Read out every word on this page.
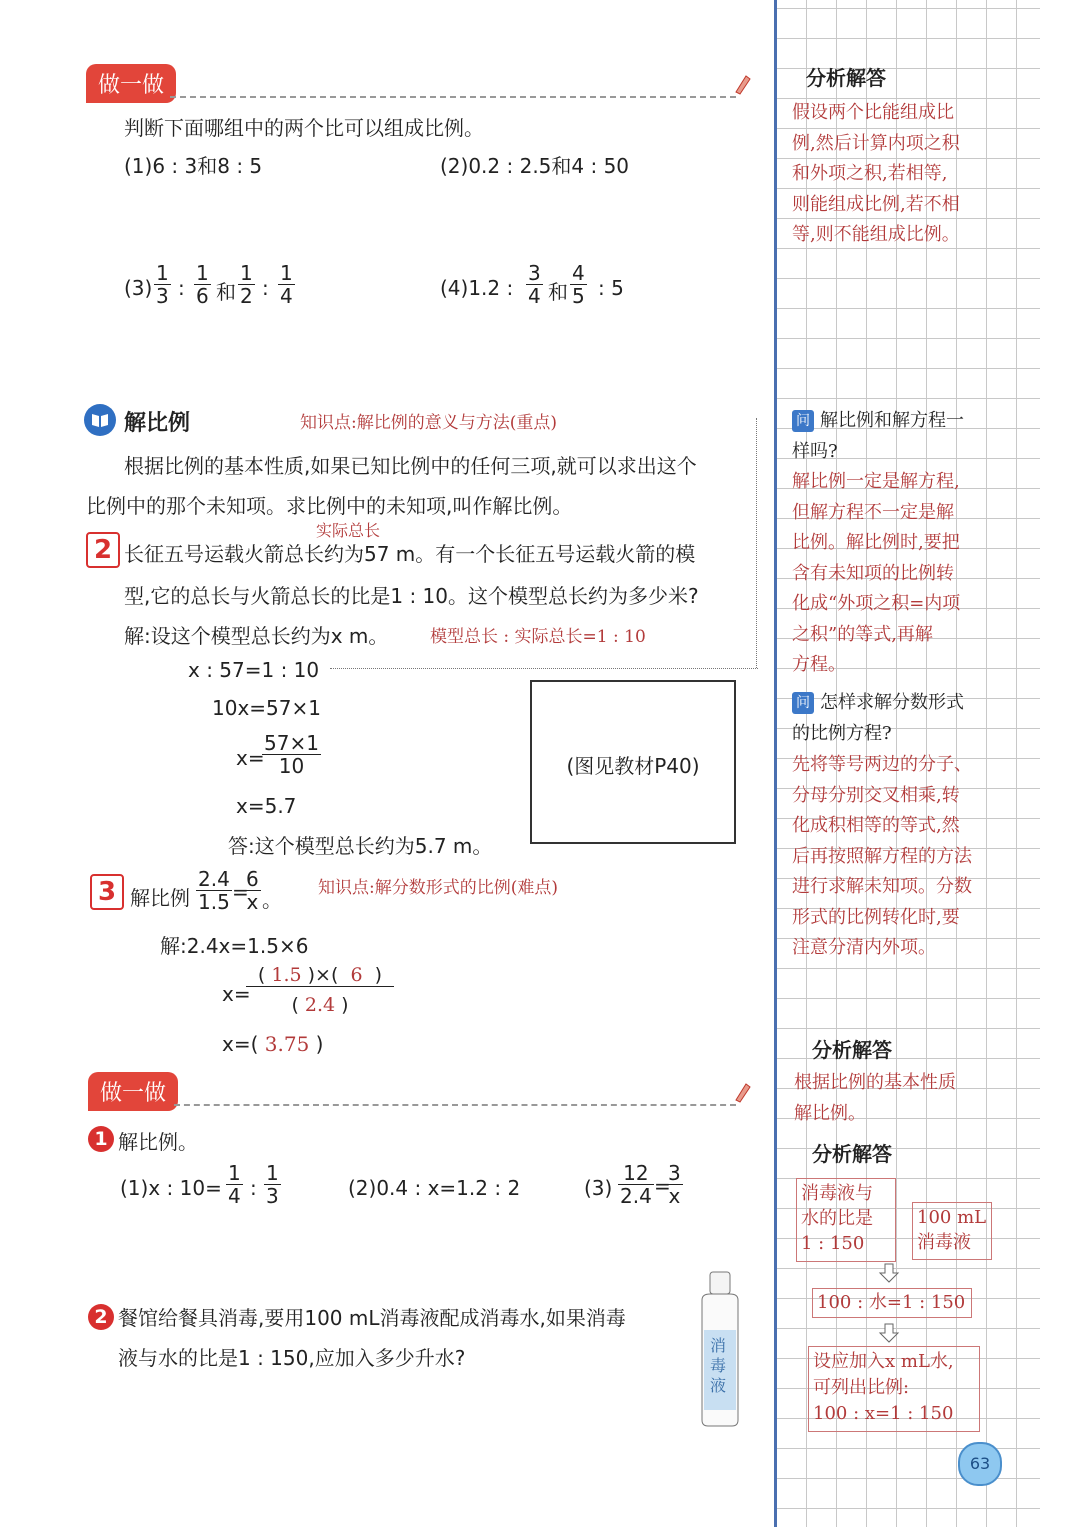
做一做
判断下面哪组中的两个比可以组成比例。
(1)6 : 3和8 : 5	(2)0.2 : 2.5和4 : 50
$(3) \frac{1}{3}$ : $\frac{1}{6}$ 和 $\frac{1}{2}$ : $\frac{1}{4}$	(4)1.2 : $\frac{3}{4}$ 和 $\frac{4}{5}$ : 5
解比例	知识点:解比例的意义与方法(重点)
根据比例的基本性质,如果已知比例中的任何三项,就可以求出这个
比例中的那个未知项。求比例中的未知项,叫作解比例。
实际总长
2 长征五号运载火箭总长约为57 m。有一个长征五号运载火箭的模
型,它的总长与火箭总长的比是1 : 10。这个模型总长约为多少米?
解:设这个模型总长约为x m。 模型总长 : 实际总长=1 : 10
x : 57=1 : 10
10x=57×1
x=
$\frac{57\times 1}{10}$
x=5.7
答:这个模型总长约为5.7 m。
(图见教材P40)
3 解比例 $\frac{2.4}{1.5}$ =
$\frac{6}{x}$ 。 知识点:解分数形式的比例(难点)
解:2.4x=1.5×6
x=
( 1.5 )×(  6  )
( 2.4 )
x=( 3.75 )
做一做
1 解比例。
(1)x : $10= \frac{1}{4}$ : $\frac{1}{3}$	(2)0.4 : x=1.2 : 2	$(3) \frac{12}{2.4}$ =
$\frac{3}{x}$
2 餐馆给餐具消毒,要用100 mL消毒液配成消毒水,如果消毒
液与水的比是1 : 150,应加入多少升水?
消毒液
分析解答
假设两个比能组成比
例,然后计算内项之积
和外项之积,若相等,
则能组成比例,若不相
等,则不能组成比例。
问 解比例和解方程一
样吗?
解比例一定是解方程,
但解方程不一定是解
比例。解比例时,要把
含有未知项的比例转
化成“外项之积=内项
之积”的等式,再解
方程。
问 怎样求解分数形式
的比例方程?
先将等号两边的分子、
分母分别交叉相乘,转
化成积相等的等式,然
后再按照解方程的方法
进行求解未知项。分数
形式的比例转化时,要
注意分清内外项。
分析解答
根据比例的基本性质
解比例。
分析解答
消毒液与
水的比是
1 : 150
100 mL
消毒液
100 : 水=1 : 150
设应加入x mL水,
可列出比例:
100 : x=1 : 150
63
